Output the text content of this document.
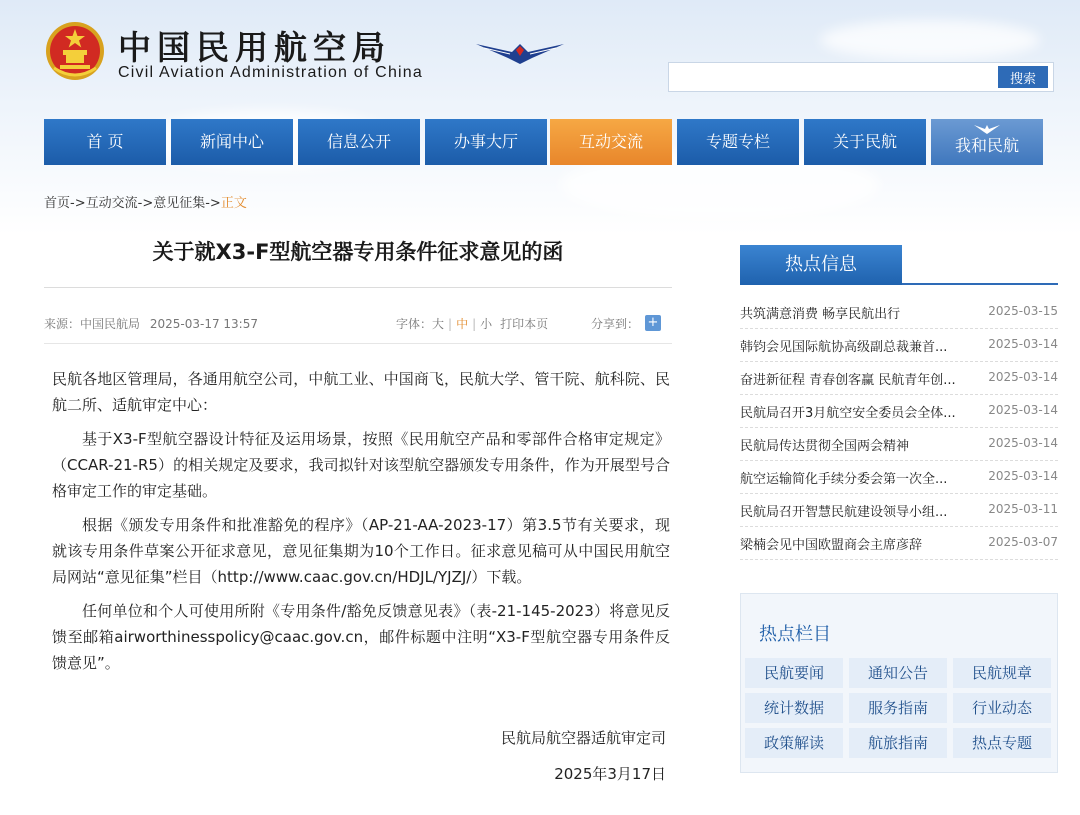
中国民用航空局
Civil Aviation Administration of China	搜索
首 页	新闻中心	信息公开	办事大厅	互动交流	专题专栏	关于民航	我和民航
首页->互动交流->意见征集->正文
关于就X3-F型航空器专用条件征求意见的函
来源：中国民航局 2025-03-17 13:57	字体：大 | 中 | 小 打印本页	分享到： +

民航各地区管理局，各通用航空公司，中航工业、中国商飞，民航大学、管干院、航科院、民航二所、适航审定中心：

基于X3-F型航空器设计特征及运用场景，按照《民用航空产品和零部件合格审定规定》（CCAR-21-R5）的相关规定及要求，我司拟针对该型航空器颁发专用条件，作为开展型号合格审定工作的审定基础。

根据《颁发专用条件和批准豁免的程序》（AP-21-AA-2023-17）第3.5节有关要求，现就该专用条件草案公开征求意见，意见征集期为10个工作日。征求意见稿可从中国民用航空局网站“意见征集”栏目（http://www.caac.gov.cn/HDJL/YJZJ/）下载。

任何单位和个人可使用所附《专用条件/豁免反馈意见表》（表-21-145-2023）将意见反馈至邮箱airworthinesspolicy@caac.gov.cn，邮件标题中注明“X3-F型航空器专用条件反馈意见”。

民航局航空器适航审定司
2025年3月17日
热点信息
共筑满意消费 畅享民航出行	2025-03-15
韩钧会见国际航协高级副总裁兼首...	2025-03-14
奋进新征程 青春创客赢 民航青年创...	2025-03-14
民航局召开3月航空安全委员会全体...	2025-03-14
民航局传达贯彻全国两会精神	2025-03-14
航空运输简化手续分委会第一次全...	2025-03-14
民航局召开智慧民航建设领导小组...	2025-03-11
梁楠会见中国欧盟商会主席彦辞	2025-03-07
热点栏目
民航要闻	通知公告	民航规章
统计数据	服务指南	行业动态
政策解读	航旅指南	热点专题
